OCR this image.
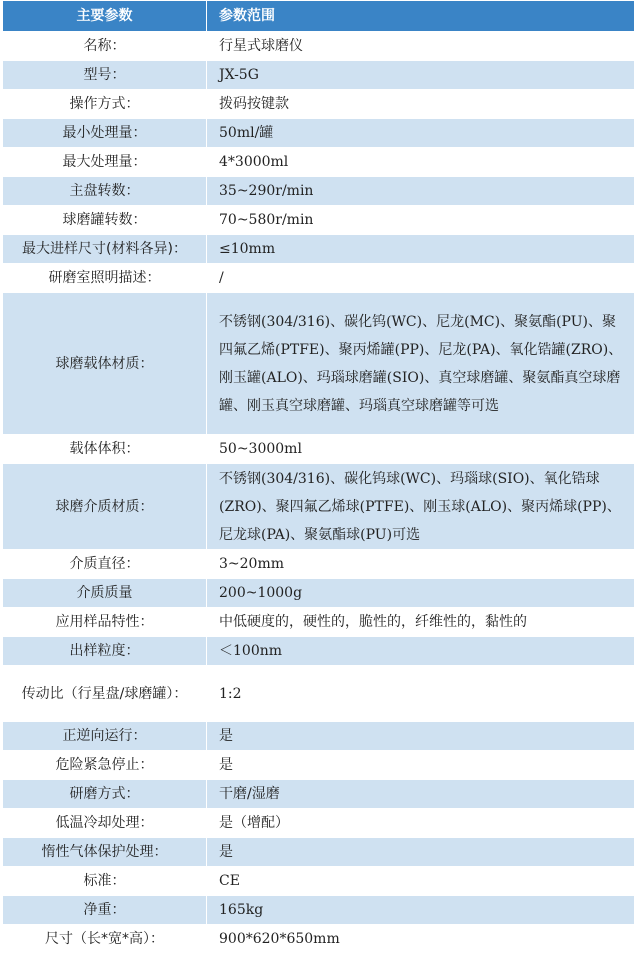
主要参数	参数范围
名称：	行星式球磨仪
型号：	JX-5G
操作方式：	拨码按键款
最小处理量：	50ml/罐
最大处理量：	4*3000ml
主盘转数：	35~290r/min
球磨罐转数：	70~580r/min
最大进样尺寸(材料各异)：	≤10mm
研磨室照明描述：	/
球磨载体材质：	不锈钢(304/316)、碳化钨(WC)、尼龙(MC)、聚氨酯(PU)、聚四氟乙烯(PTFE)、聚丙烯罐(PP)、尼龙(PA)、氧化锆罐(ZRO)、刚玉罐(ALO)、玛瑙球磨罐(SIO)、真空球磨罐、聚氨酯真空球磨罐、刚玉真空球磨罐、玛瑙真空球磨罐等可选
载体体积：	50~3000ml
球磨介质材质：	不锈钢(304/316)、碳化钨球(WC)、玛瑙球(SIO)、氧化锆球(ZRO)、聚四氟乙烯球(PTFE)、刚玉球(ALO)、聚丙烯球(PP)、尼龙球(PA)、聚氨酯球(PU)可选
介质直径：	3~20mm
介质质量	200~1000g
应用样品特性：	中低硬度的，硬性的，脆性的，纤维性的，黏性的
出样粒度：	＜100nm
传动比（行星盘/球磨罐）：	1:2
正逆向运行：	是
危险紧急停止：	是
研磨方式：	干磨/湿磨
低温冷却处理：	是（增配）
惰性气体保护处理：	是
标准：	CE
净重：	165kg
尺寸（长*宽*高）：	900*620*650mm
